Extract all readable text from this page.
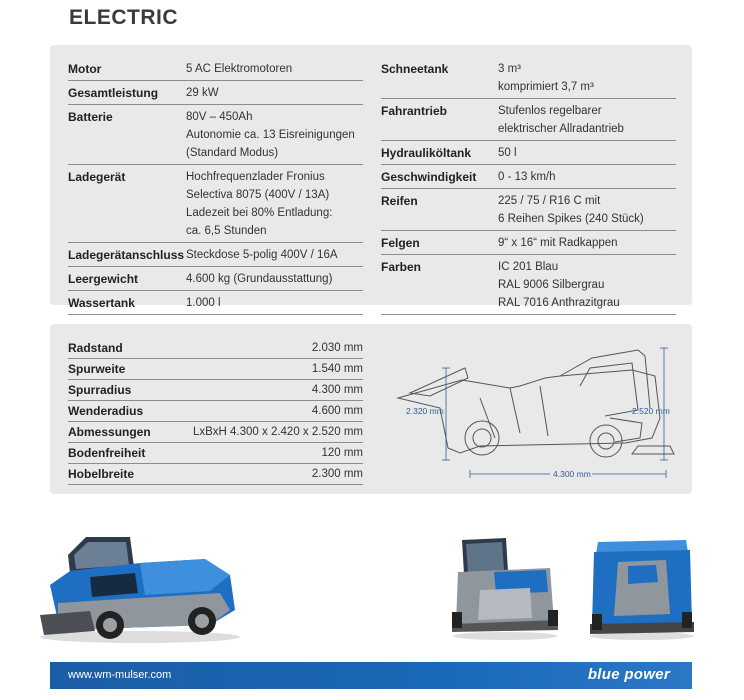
ELECTRIC
Motor	5 AC Elektromotoren
Gesamtleistung	29 kW
Batterie	80V – 450Ah
Autonomie ca. 13 Eisreinigungen
(Standard Modus)
Ladegerät	Hochfrequenzlader Fronius
Selectiva 8075 (400V / 13A)
Ladezeit bei 80% Entladung:
ca. 6,5 Stunden
Ladegerätanschluss Steckdose 5-polig 400V / 16A
Leergewicht	4.600 kg (Grundausstattung)
Wassertank	1.000 l
Schneetank	3 m³
komprimiert 3,7 m³
Fahrantrieb	Stufenlos regelbarer
elektrischer Allradantrieb
Hydrauliköltank	50 l
Geschwindigkeit	0 - 13 km/h
Reifen	225 / 75 / R16 C mit
6 Reihen Spikes (240 Stück)
Felgen	9“ x 16“ mit Radkappen
Farben	IC 201 Blau
RAL 9006 Silbergrau
RAL 7016 Anthrazitgrau
Radstand	2.030 mm
Spurweite	1.540 mm
Spurradius	4.300 mm
Wenderadius	4.600 mm
Abmessungen	LxBxH 4.300 x 2.420 x 2.520 mm
Bodenfreiheit	120 mm
Hobelbreite	2.300 mm
2.320 mm	2.520 mm
4.300 mm
www.wm-mulser.com	blue power
